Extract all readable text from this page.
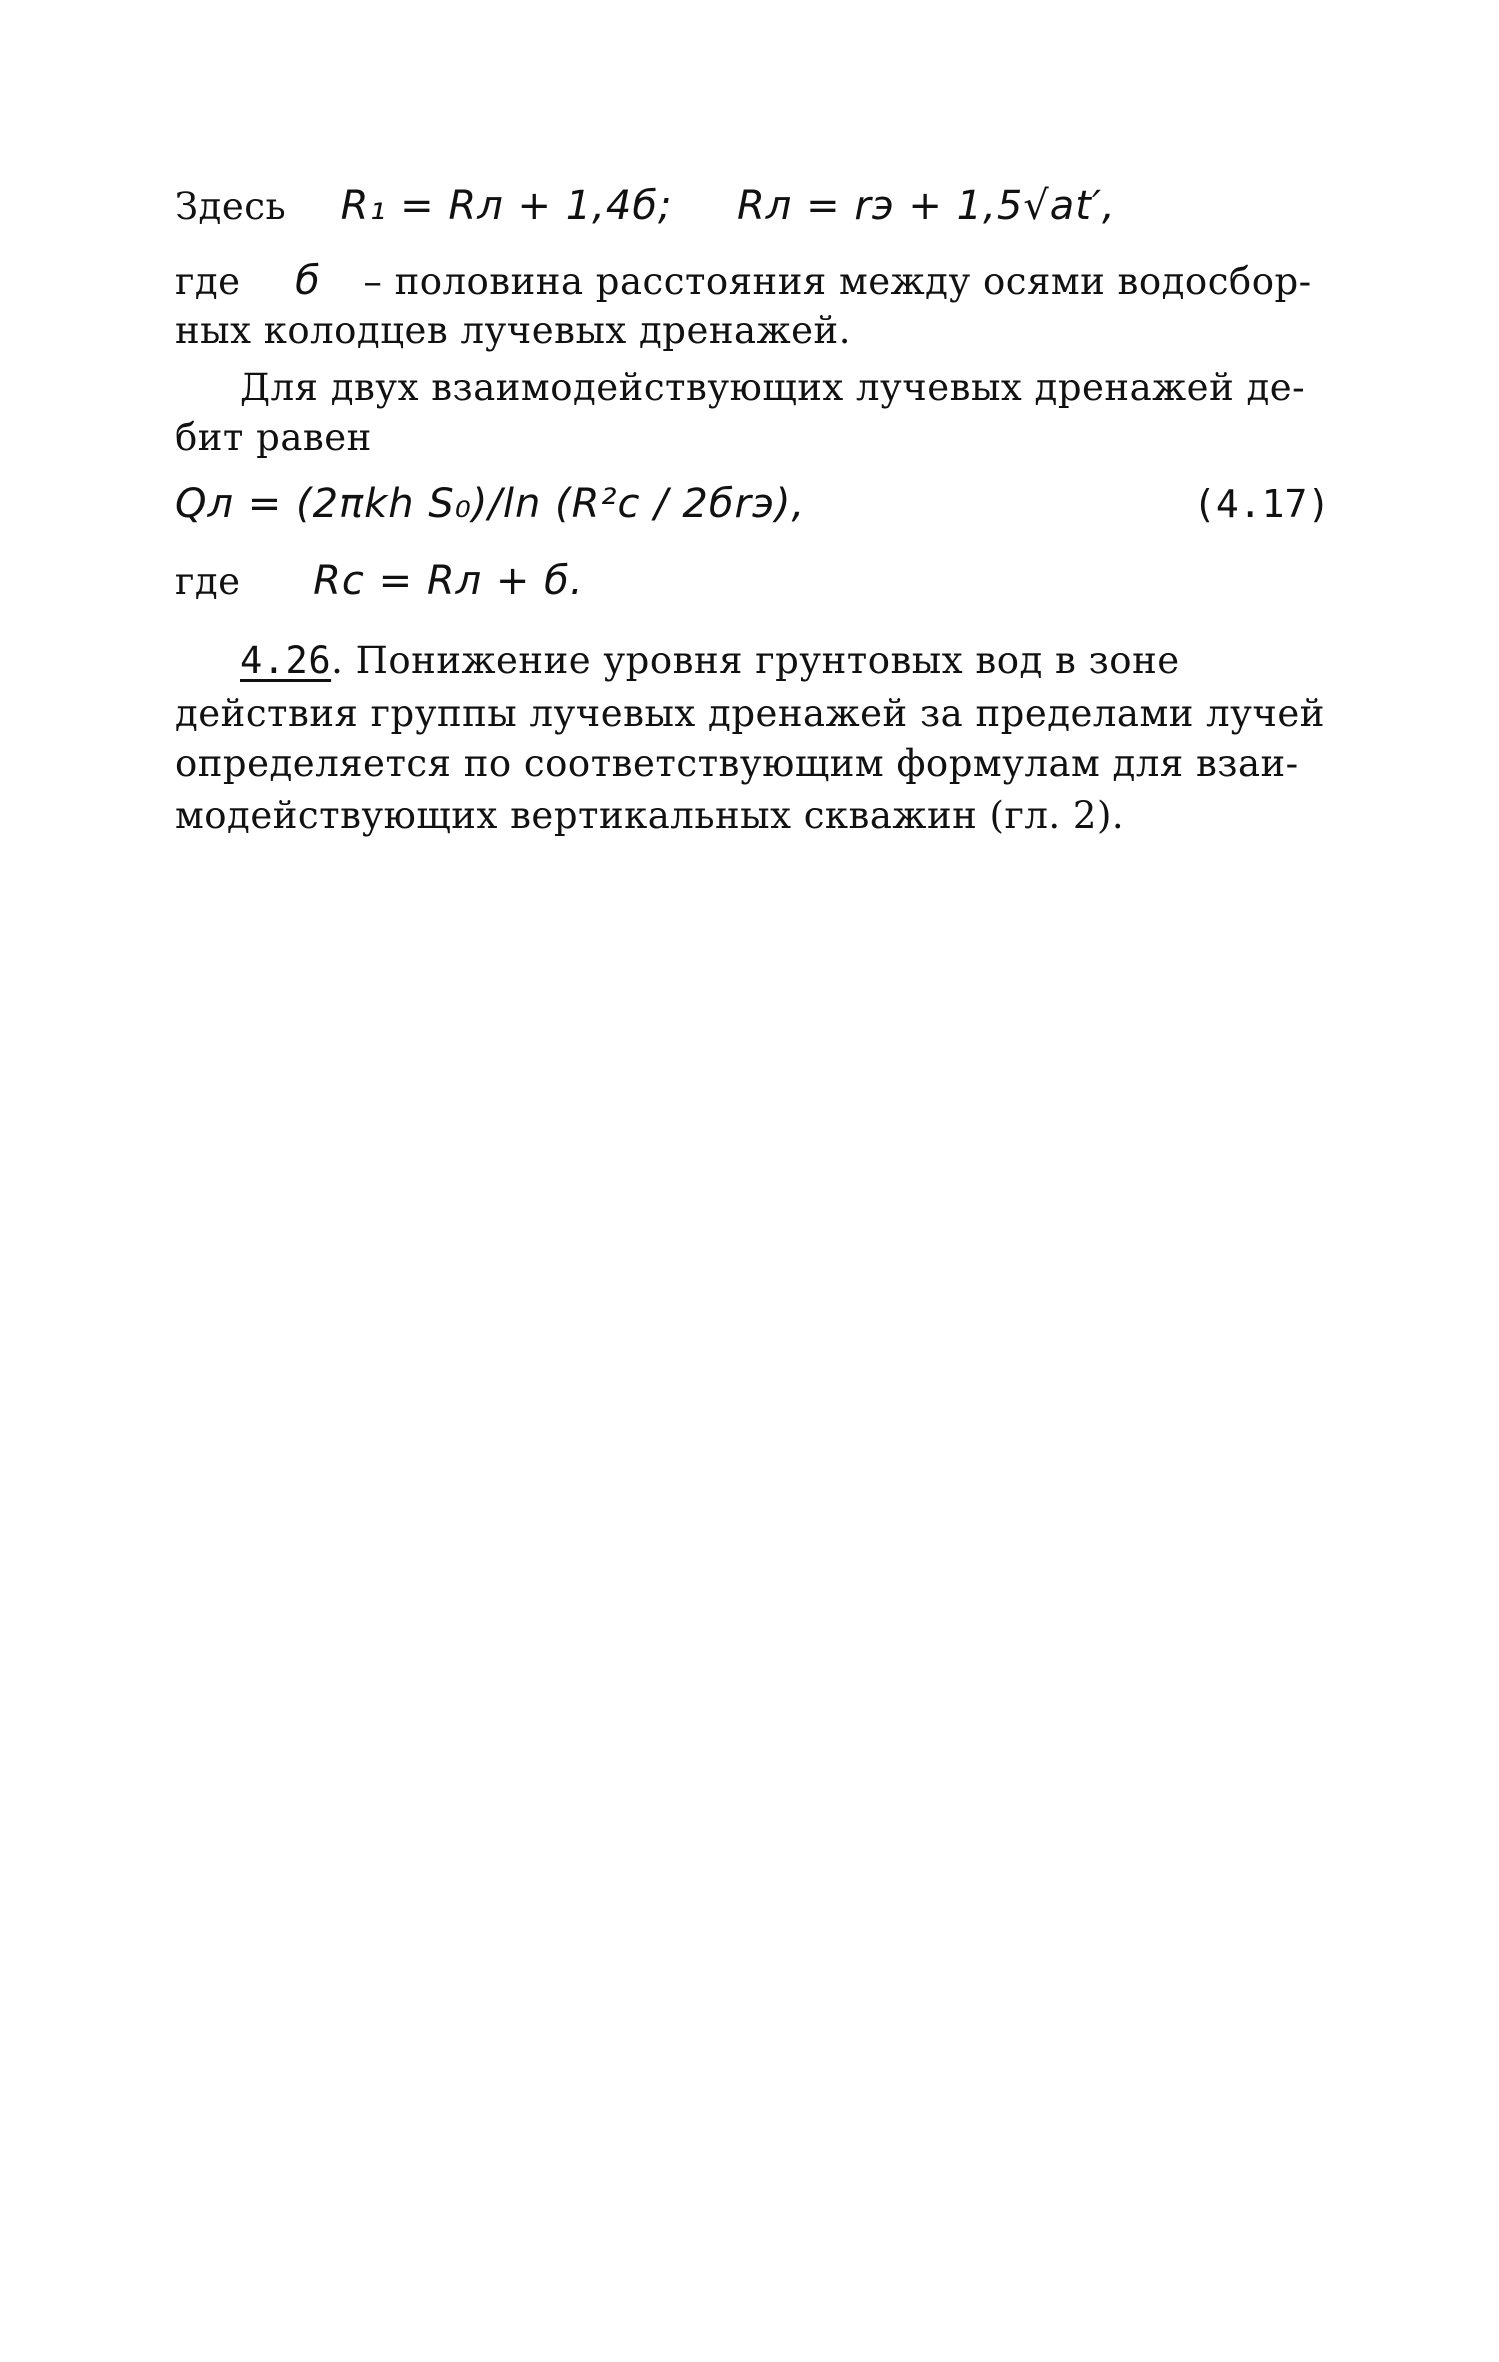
Здесь R₁ = Rл + 1,4б; Rл = rэ + 1,5√at′,
где б – половина расстояния между осями водосбор-
ных колодцев лучевых дренажей.
Для двух взаимодействующих лучевых дренажей де-
бит равен
Qл = (2πkh S₀)/ln (R²c / 2бrэ),	(4.17)
где Rc = Rл + б.
4.26. Понижение уровня грунтовых вод в зоне
действия группы лучевых дренажей за пределами лучей
определяется по соответствующим формулам для взаи-
модействующих вертикальных скважин (гл. 2).
